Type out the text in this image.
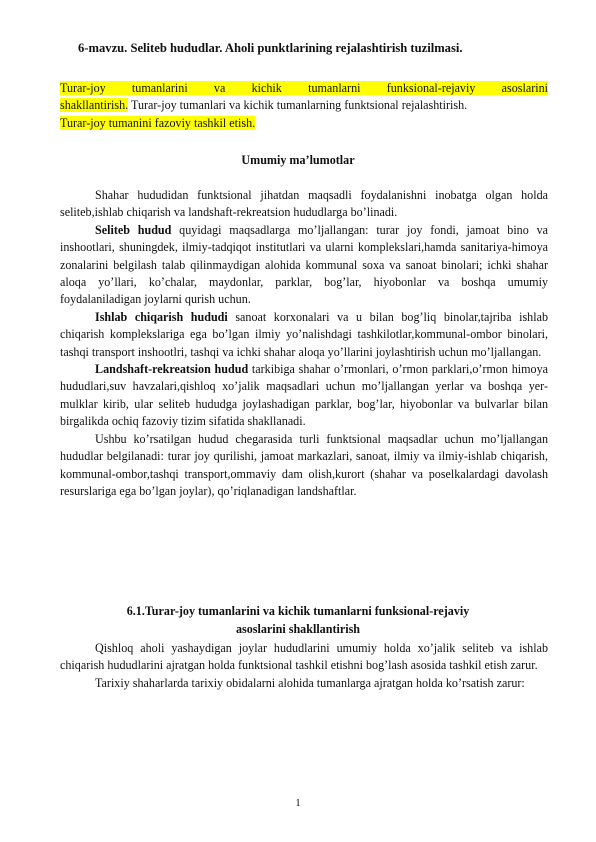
6-mavzu. Seliteb hududlar. Aholi punktlarining rejalashtirish tuzilmasi.
Turar-joy tumanlarini va kichik tumanlarni funksional-rejaviy asoslarini
shakllantirish. Turar-joy tumanlari va kichik tumanlarning funktsional rejalashtirish.
Turar-joy tumanini fazoviy tashkil etish.
Umumiy ma’lumotlar

Shahar hududidan funktsional jihatdan maqsadli foydalanishni inobatga olgan holda seliteb,ishlab chiqarish va landshaft-rekreatsion hududlarga bo’linadi.

Seliteb hudud quyidagi maqsadlarga mo’ljallangan: turar joy fondi, jamoat bino va inshootlari, shuningdek, ilmiy-tadqiqot institutlari va ularni komplekslari,hamda sanitariya-himoya zonalarini belgilash talab qilinmaydigan alohida kommunal soxa va sanoat binolari; ichki shahar aloqa yo’llari, ko’chalar, maydonlar, parklar, bog’lar, hiyobonlar va boshqa umumiy foydalaniladigan joylarni qurish uchun.

Ishlab chiqarish hududi sanoat korxonalari va u bilan bog’liq binolar,tajriba ishlab chiqarish komplekslariga ega bo’lgan ilmiy yo’nalishdagi tashkilotlar,kommunal-ombor binolari, tashqi transport inshootlri, tashqi va ichki shahar aloqa yo’llarini joylashtirish uchun mo’ljallangan.

Landshaft-rekreatsion hudud tarkibiga shahar o’rmonlari, o’rmon parklari,o’rmon himoya hududlari,suv havzalari,qishloq xo’jalik maqsadlari uchun mo’ljallangan yerlar va boshqa yer-mulklar kirib, ular seliteb hududga joylashadigan parklar, bog’lar, hiyobonlar va bulvarlar bilan birgalikda ochiq fazoviy tizim sifatida shakllanadi.

Ushbu ko’rsatilgan hudud chegarasida turli funktsional maqsadlar uchun mo’ljallangan hududlar belgilanadi: turar joy qurilishi, jamoat markazlari, sanoat, ilmiy va ilmiy-ishlab chiqarish, kommunal-ombor,tashqi transport,ommaviy dam olish,kurort (shahar va poselkalardagi davolash resurslariga ega bo’lgan joylar), qo’riqlanadigan landshaftlar.

6.1.Turar-joy tumanlarini va kichik tumanlarni funksional-rejaviy
asoslarini shakllantirish

Qishloq aholi yashaydigan joylar hududlarini umumiy holda xo’jalik seliteb va ishlab chiqarish hududlarini ajratgan holda funktsional tashkil etishni bog’lash asosida tashkil etish zarur.

Tarixiy shaharlarda tarixiy obidalarni alohida tumanlarga ajratgan holda ko’rsatish zarur:

1
